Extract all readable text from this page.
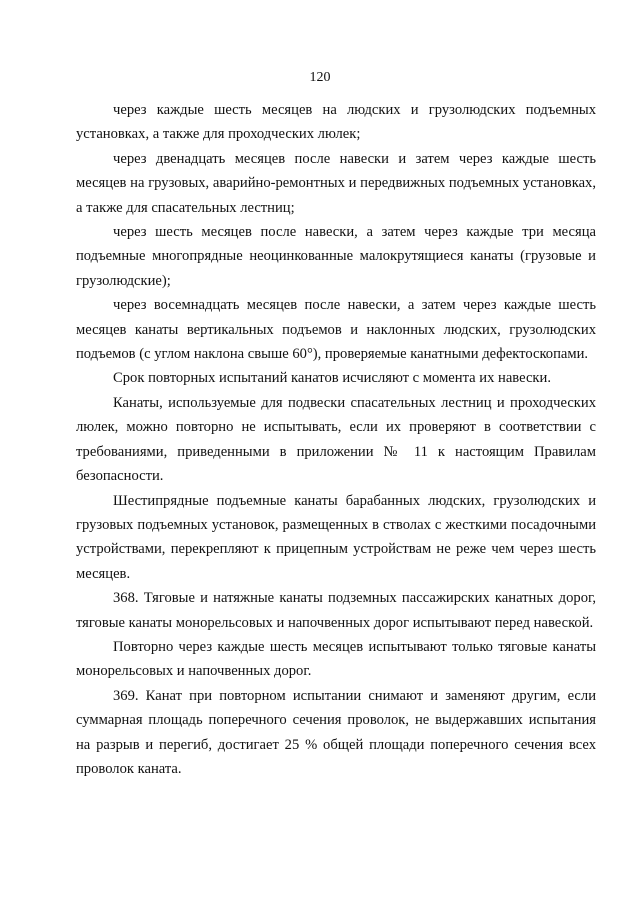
120

через каждые шесть месяцев на людских и грузолюдских подъемных установках, а также для проходческих люлек;

через двенадцать месяцев после навески и затем через каждые шесть месяцев на грузовых, аварийно-ремонтных и передвижных подъемных установках, а также для спасательных лестниц;

через шесть месяцев после навески, а затем через каждые три месяца подъемные многопрядные неоцинкованные малокрутящиеся канаты (грузовые и грузолюдские);

через восемнадцать месяцев после навески, а затем через каждые шесть месяцев канаты вертикальных подъемов и наклонных людских, грузолюдских подъемов (с углом наклона свыше 60°), проверяемые канатными дефектоскопами.

Срок повторных испытаний канатов исчисляют с момента их навески.

Канаты, используемые для подвески спасательных лестниц и проходческих люлек, можно повторно не испытывать, если их проверяют в соответствии с требованиями, приведенными в приложении № 11 к настоящим Правилам безопасности.

Шестипрядные подъемные канаты барабанных людских, грузолюдских и грузовых подъемных установок, размещенных в стволах с жесткими посадочными устройствами, перекрепляют к прицепным устройствам не реже чем через шесть месяцев.

368. Тяговые и натяжные канаты подземных пассажирских канатных дорог, тяговые канаты монорельсовых и напочвенных дорог испытывают перед навеской.

Повторно через каждые шесть месяцев испытывают только тяговые канаты монорельсовых и напочвенных дорог.

369. Канат при повторном испытании снимают и заменяют другим, если суммарная площадь поперечного сечения проволок, не выдержавших испытания на разрыв и перегиб, достигает 25 % общей площади поперечного сечения всех проволок каната.
